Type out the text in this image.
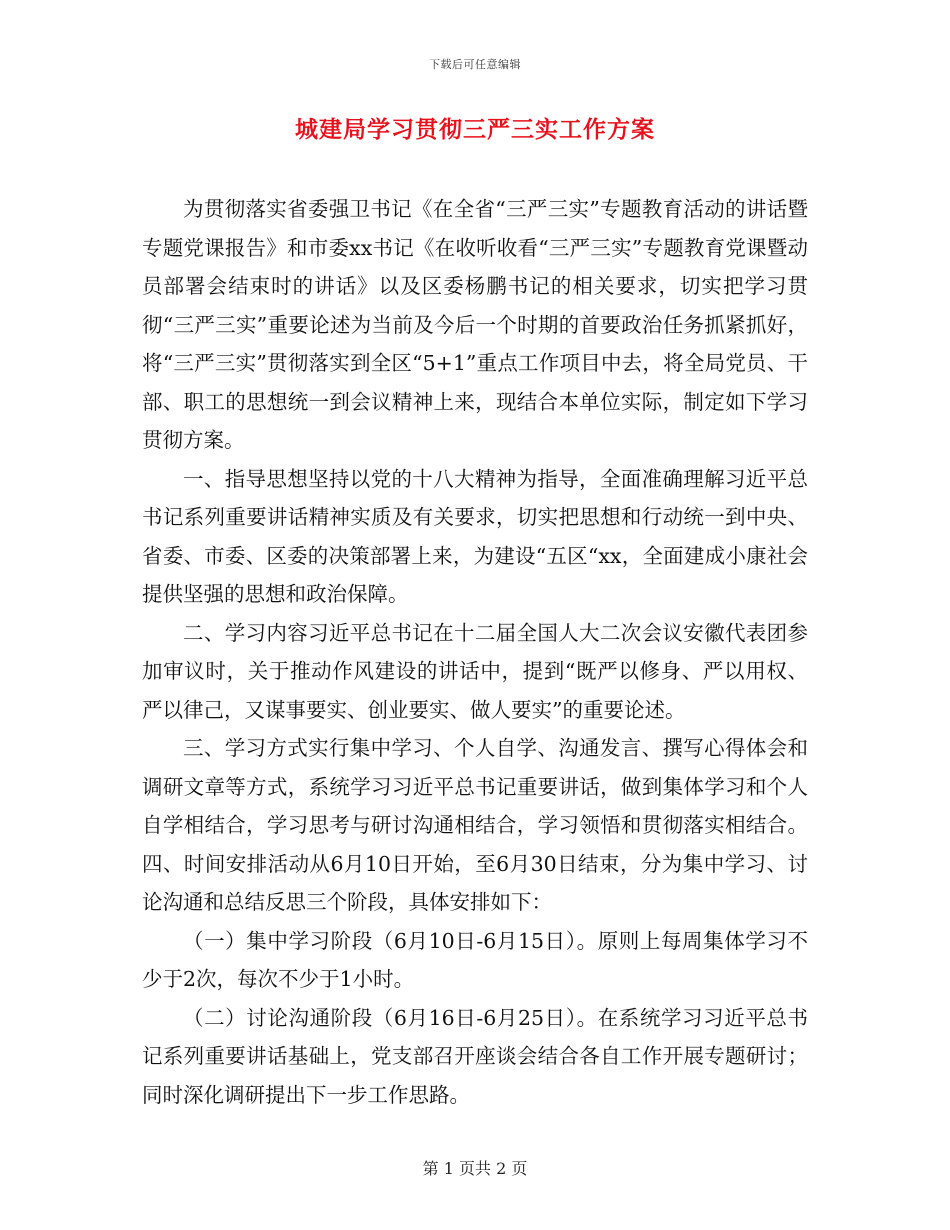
下载后可任意编辑
城建局学习贯彻三严三实工作方案

为贯彻落实省委强卫书记《在全省“三严三实”专题教育活动的讲话暨专题党课报告》和市委xx书记《在收听收看“三严三实”专题教育党课暨动员部署会结束时的讲话》以及区委杨鹏书记的相关要求，切实把学习贯彻“三严三实”重要论述为当前及今后一个时期的首要政治任务抓紧抓好，将“三严三实”贯彻落实到全区“5+1”重点工作项目中去，将全局党员、干部、职工的思想统一到会议精神上来，现结合本单位实际，制定如下学习贯彻方案。

一、指导思想坚持以党的十八大精神为指导，全面准确理解习近平总书记系列重要讲话精神实质及有关要求，切实把思想和行动统一到中央、省委、市委、区委的决策部署上来，为建设“五区“xx，全面建成小康社会提供坚强的思想和政治保障。

二、学习内容习近平总书记在十二届全国人大二次会议安徽代表团参加审议时，关于推动作风建设的讲话中，提到“既严以修身、严以用权、严以律己，又谋事要实、创业要实、做人要实”的重要论述。

三、学习方式实行集中学习、个人自学、沟通发言、撰写心得体会和调研文章等方式，系统学习习近平总书记重要讲话，做到集体学习和个人自学相结合，学习思考与研讨沟通相结合，学习领悟和贯彻落实相结合。四、时间安排活动从6月10日开始，至6月30日结束，分为集中学习、讨论沟通和总结反思三个阶段，具体安排如下：

（一）集中学习阶段（6月10日-6月15日）。原则上每周集体学习不少于2次，每次不少于1小时。

（二）讨论沟通阶段（6月16日-6月25日）。在系统学习习近平总书记系列重要讲话基础上，党支部召开座谈会结合各自工作开展专题研讨；同时深化调研提出下一步工作思路。

第 1 页共 2 页
